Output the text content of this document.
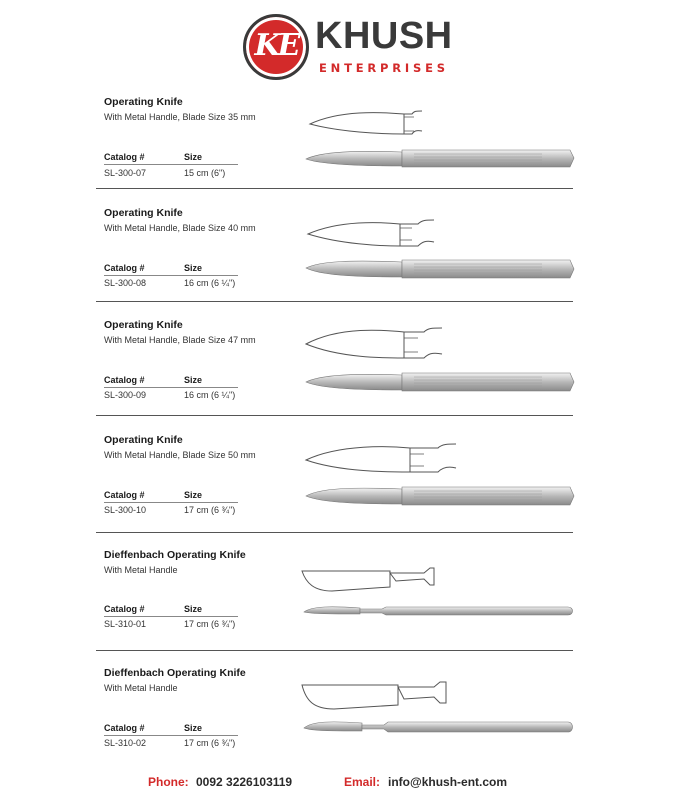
KE KHUSH
ENTERPRISES
Operating Knife
With Metal Handle, Blade Size 35 mm
Catalog #	Size
SL-300-07	15 cm (6")
Operating Knife
With Metal Handle, Blade Size 40 mm
Catalog #	Size
SL-300-08	16 cm (6 ¼")
Operating Knife
With Metal Handle, Blade Size 47 mm
Catalog #	Size
SL-300-09	16 cm (6 ¼")
Operating Knife
With Metal Handle, Blade Size 50 mm
Catalog #	Size
SL-300-10	17 cm (6 ¾")
Dieffenbach Operating Knife
With Metal Handle
Catalog #	Size
SL-310-01	17 cm (6 ¾")
Dieffenbach Operating Knife
With Metal Handle
Catalog #	Size
SL-310-02	17 cm (6 ¾")
Phone: 0092 3226103119	Email: info@khush-ent.com
